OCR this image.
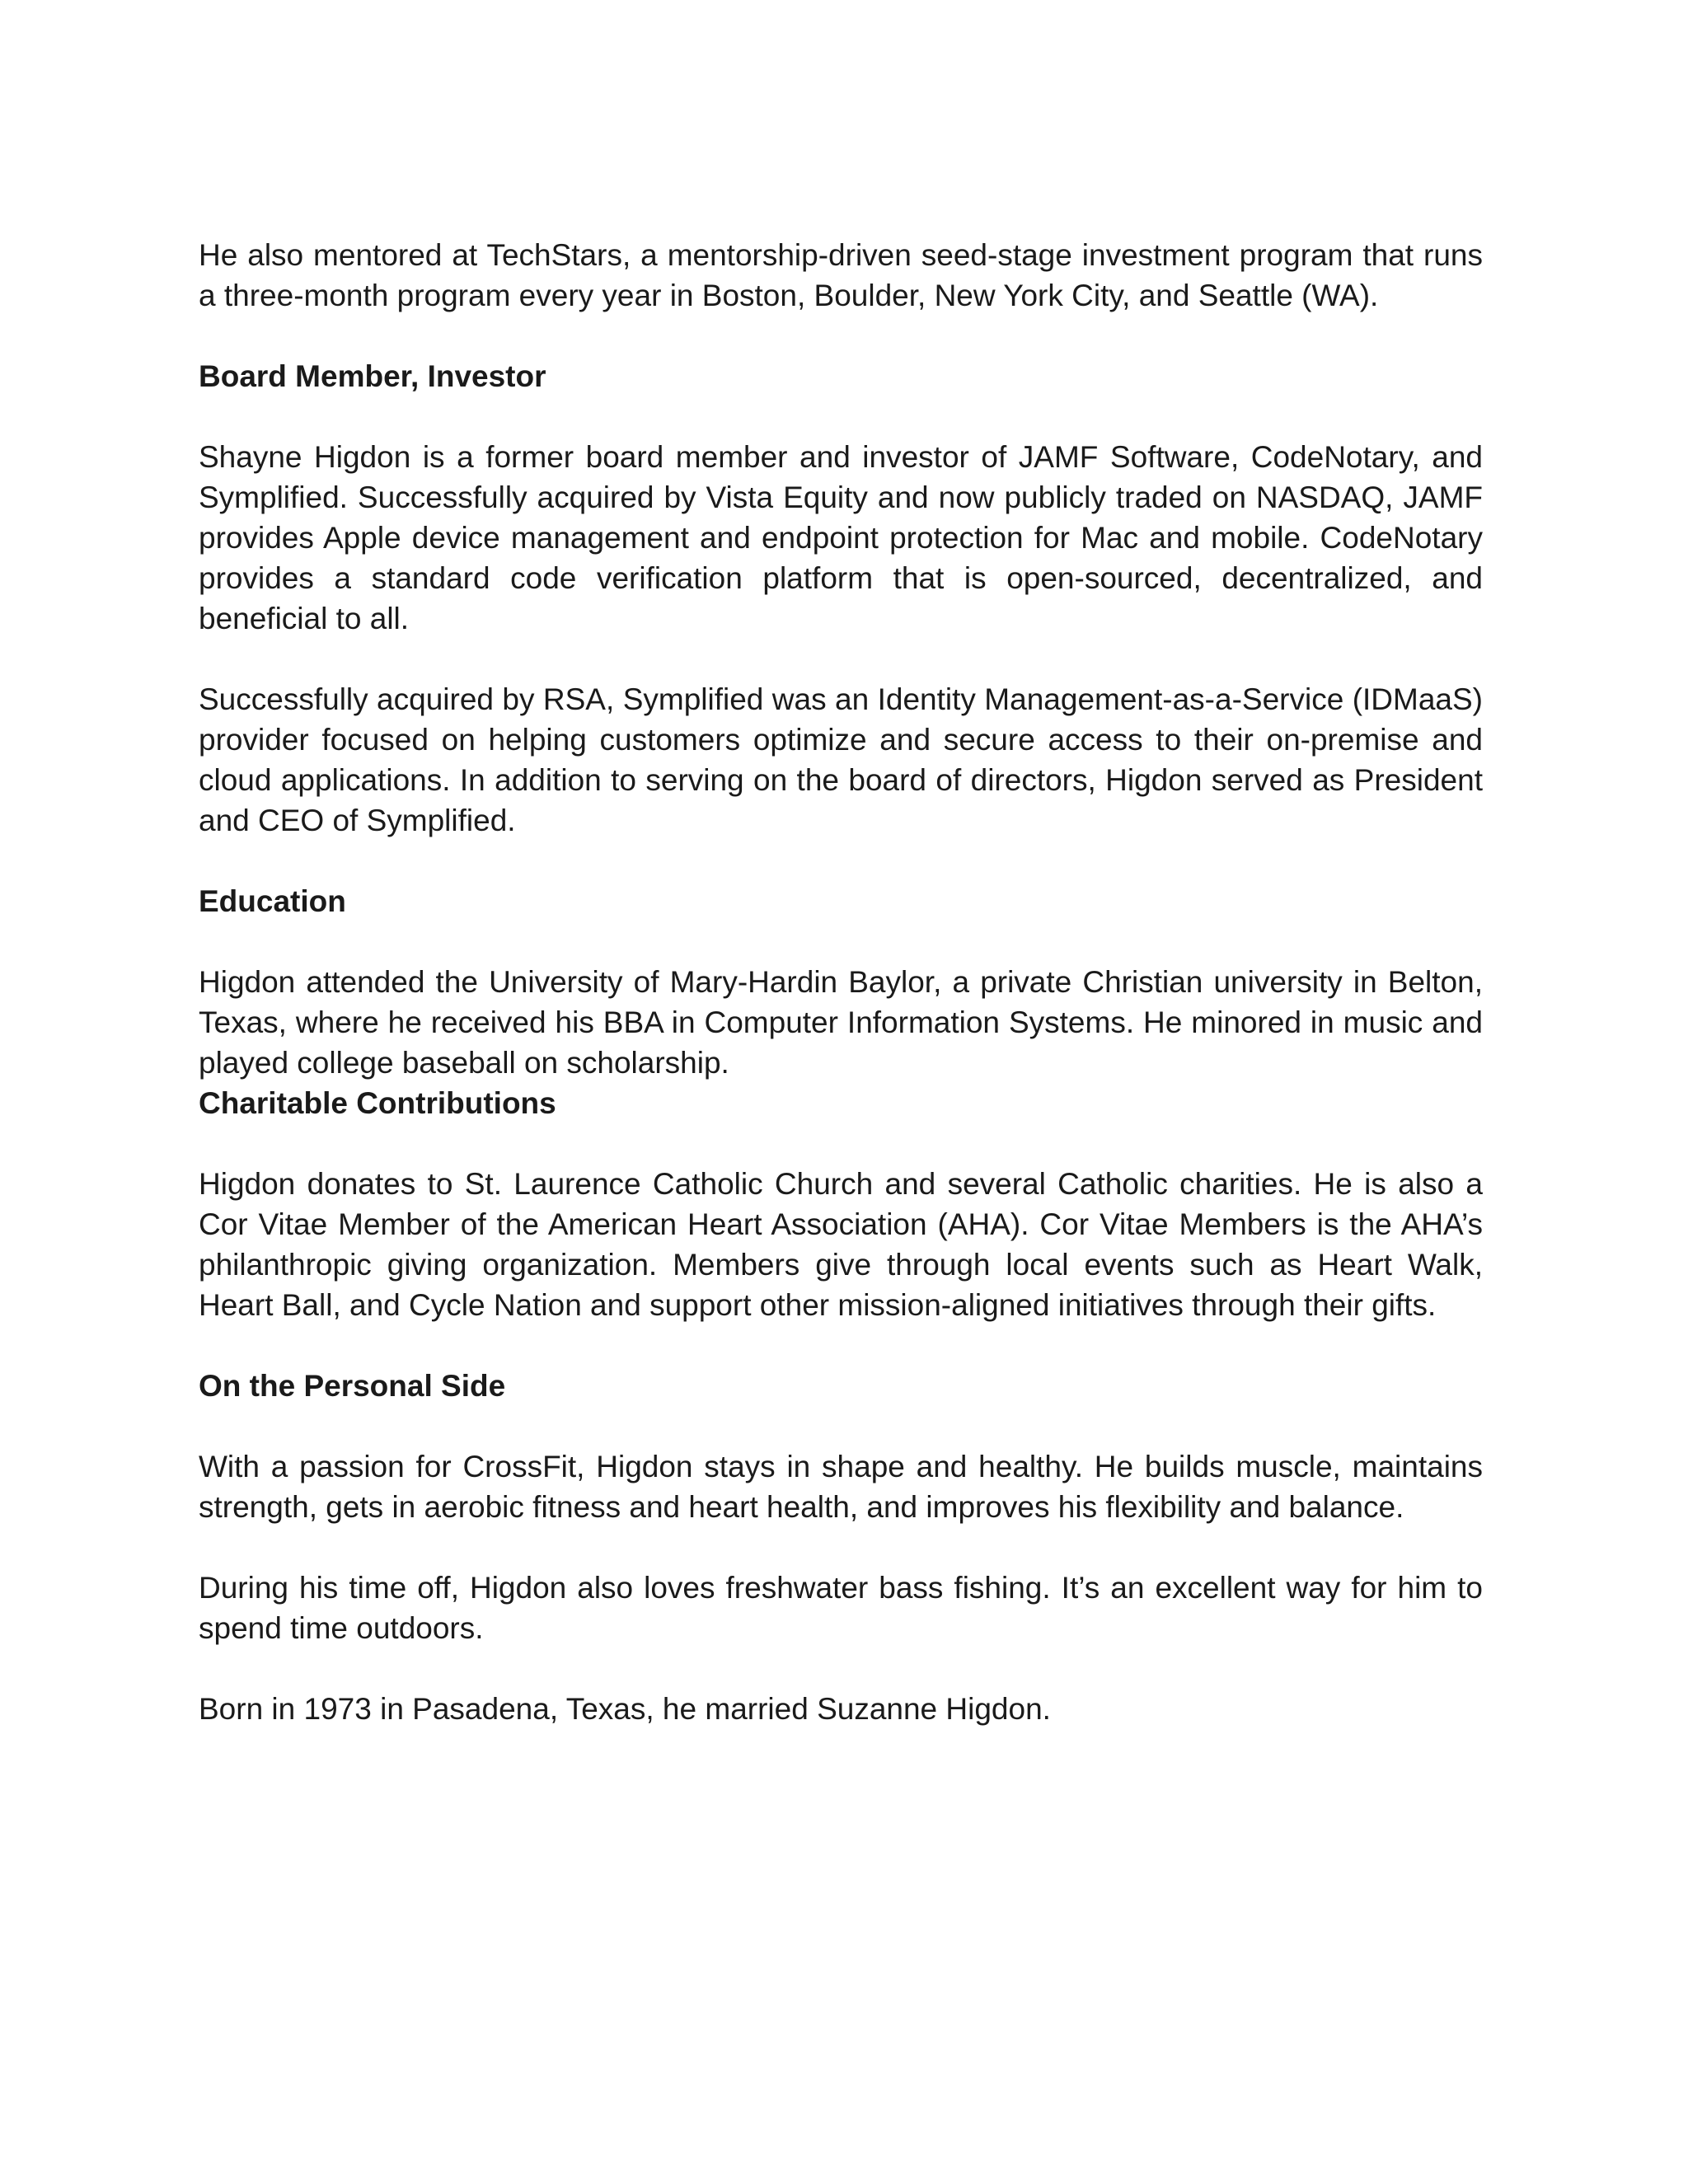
He also mentored at TechStars, a mentorship-driven seed-stage investment program that runs a three-month program every year in Boston, Boulder, New York City, and Seattle (WA).

Board Member, Investor

Shayne Higdon is a former board member and investor of JAMF Software, CodeNotary, and Symplified. Successfully acquired by Vista Equity and now publicly traded on NASDAQ, JAMF provides Apple device management and endpoint protection for Mac and mobile. CodeNotary provides a standard code verification platform that is open-sourced, decentralized, and beneficial to all.

Successfully acquired by RSA, Symplified was an Identity Management-as-a-Service (IDMaaS) provider focused on helping customers optimize and secure access to their on-premise and cloud applications. In addition to serving on the board of directors, Higdon served as President and CEO of Symplified.

Education

Higdon attended the University of Mary-Hardin Baylor, a private Christian university in Belton, Texas, where he received his BBA in Computer Information Systems. He minored in music and played college baseball on scholarship.

Charitable Contributions

Higdon donates to St. Laurence Catholic Church and several Catholic charities. He is also a Cor Vitae Member of the American Heart Association (AHA). Cor Vitae Members is the AHA’s philanthropic giving organization. Members give through local events such as Heart Walk, Heart Ball, and Cycle Nation and support other mission-aligned initiatives through their gifts.

On the Personal Side

With a passion for CrossFit, Higdon stays in shape and healthy. He builds muscle, maintains strength, gets in aerobic fitness and heart health, and improves his flexibility and balance.

During his time off, Higdon also loves freshwater bass fishing. It’s an excellent way for him to spend time outdoors.

Born in 1973 in Pasadena, Texas, he married Suzanne Higdon.
